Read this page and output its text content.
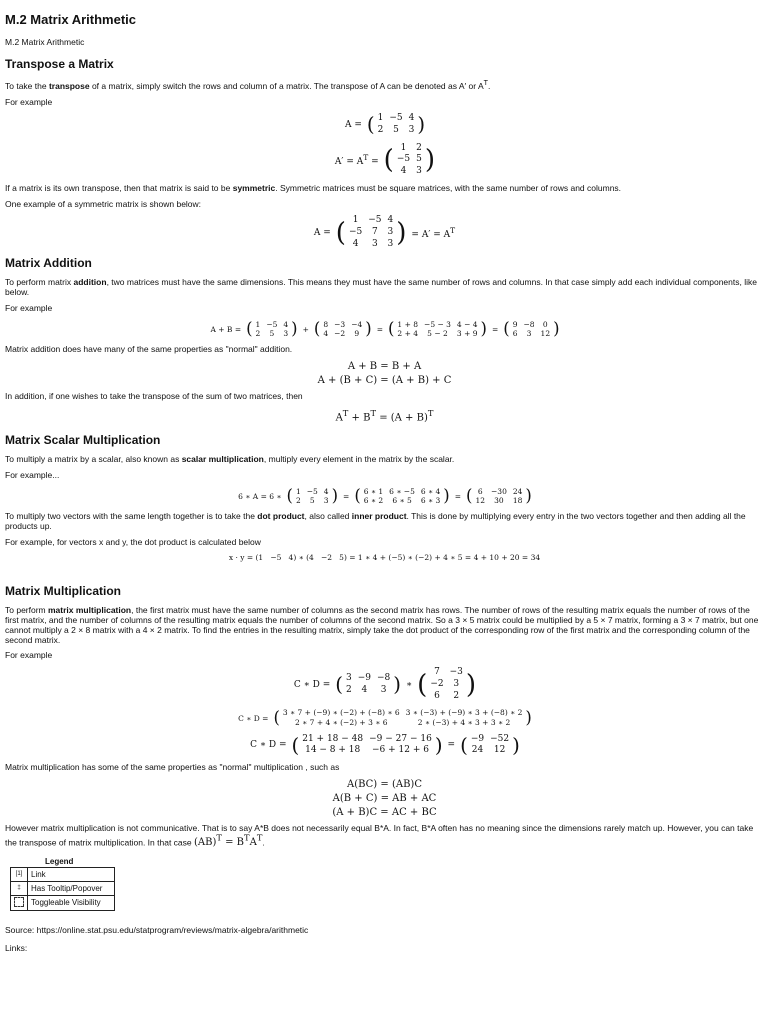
M.2 Matrix Arithmetic
M.2 Matrix Arithmetic
Transpose a Matrix

To take the transpose of a matrix, simply switch the rows and column of a matrix. The transpose of A can be denoted as A′ or $A^T$.

For example

A = ( 1	−5	4
2	5	3 )
$A' = A^T$ = ( 1	2
−5	5
4	3 )

If a matrix is its own transpose, then that matrix is said to be symmetric. Symmetric matrices must be square matrices, with the same number of rows and columns.

One example of a symmetric matrix is shown below:

A = ( 1	−5	4
−5	7	3
4	3	3 ) = $A' = A^T$
Matrix Addition

To perform matrix addition, two matrices must have the same dimensions. This means they must have the same number of rows and columns. In that case simply add each individual components, like below.

For example

A + B = ( 1	−5	4
2	5	3 ) + ( 8	−3	−4
4	−2	9 ) = ( 1 + 8	−5 − 3	4 − 4
2 + 4	5 − 2	3 + 9 ) = ( 9	−8	0
6	3	12 )

Matrix addition does have many of the same properties as "normal" addition.

A + B = B + A
A + (B + C) = (A + B) + C

In addition, if one wishes to take the transpose of the sum of two matrices, then

$A^T + B^T = (A + B)^T$
Matrix Scalar Multiplication

To multiply a matrix by a scalar, also known as scalar multiplication, multiply every element in the matrix by the scalar.

For example...

6 ∗ A = 6 ∗ ( 1	−5	4
2	5	3 ) = ( 6 ∗ 1	6 ∗ −5	6 ∗ 4
6 ∗ 2	6 ∗ 5	6 ∗ 3 ) = ( 6	−30	24
12	30	18 )

To multiply two vectors with the same length together is to take the dot product, also called inner product. This is done by multiplying every entry in the two vectors together and then adding all the products up.

For example, for vectors x and y, the dot product is calculated below

x · y = (1   −5   4) ∗ (4   −2   5) = 1 ∗ 4 + (−5) ∗ (−2) + 4 ∗ 5 = 4 + 10 + 20 = 34
Matrix Multiplication

To perform matrix multiplication, the first matrix must have the same number of columns as the second matrix has rows. The number of rows of the resulting matrix equals the number of rows of the first matrix, and the number of columns of the resulting matrix equals the number of columns of the second matrix. So a 3 × 5 matrix could be multiplied by a 5 × 7 matrix, forming a 3 × 7 matrix, but one cannot multiply a 2 × 8 matrix with a 4 × 2 matrix. To find the entries in the resulting matrix, simply take the dot product of the corresponding row of the first matrix and the corresponding column of the second matrix.

For example

C ∗ D = ( 3	−9	−8
2	4	3 ) ∗ ( 7	−3
−2	3
6	2 )
C ∗ D = ( 3 ∗ 7 + (−9) ∗ (−2) + (−8) ∗ 6	3 ∗ (−3) + (−9) ∗ 3 + (−8) ∗ 2
2 ∗ 7 + 4 ∗ (−2) + 3 ∗ 6	2 ∗ (−3) + 4 ∗ 3 + 3 ∗ 2 )
C ∗ D = ( 21 + 18 − 48	−9 − 27 − 16
14 − 8 + 18	−6 + 12 + 6 ) = ( −9	−52
24	12 )

Matrix multiplication has some of the same properties as "normal" multiplication , such as

A(BC) = (AB)C
A(B + C) = AB + AC
(A + B)C = AC + BC

However matrix multiplication is not communicative. That is to say A*B does not necessarily equal B*A. In fact, B*A often has no meaning since the dimensions rarely match up. However, you can take the transpose of matrix multiplication. In that case $(AB)^T = B^TA^T$.

Legend
[1]	Link
‡	Has Tooltip/Popover
	Toggleable Visibility
Source: https://online.stat.psu.edu/statprogram/reviews/matrix-algebra/arithmetic
Links:
